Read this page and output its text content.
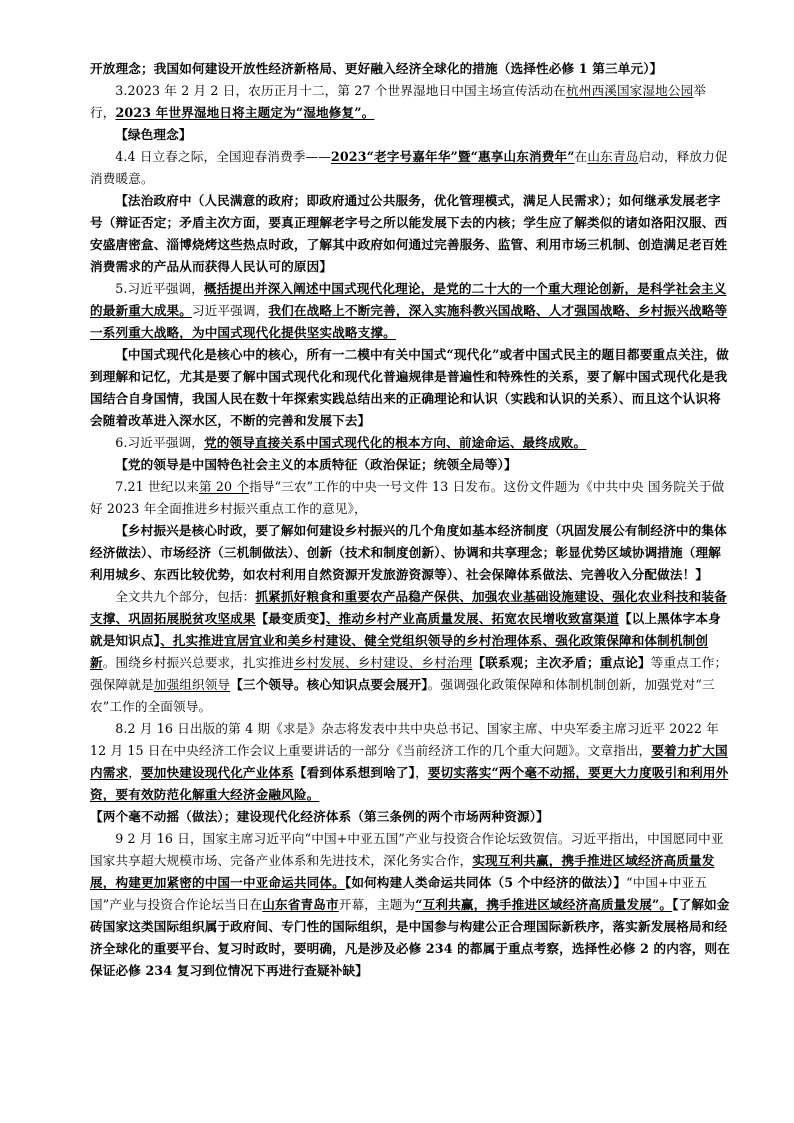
开放理念；我国如何建设开放性经济新格局、更好融入经济全球化的措施（选择性必修 1 第三单元）】

3.2023 年 2 月 2 日，农历正月十二，第 27 个世界湿地日中国主场宣传活动在杭州西溪国家湿地公园举行，2023 年世界湿地日将主题定为“湿地修复”。

【绿色理念】

4.4 日立春之际，全国迎春消费季——2023“老字号嘉年华”暨“惠享山东消费年”在山东青岛启动，释放力促消费暖意。

【法治政府中（人民满意的政府；即政府通过公共服务，优化管理模式，满足人民需求）；如何继承发展老字号（辩证否定；矛盾主次方面，要真正理解老字号之所以能发展下去的内核；学生应了解类似的诸如洛阳汉服、西安盛唐密盒、淄博烧烤这些热点时政，了解其中政府如何通过完善服务、监管、利用市场三机制、创造满足老百姓消费需求的产品从而获得人民认可的原因】

5.习近平强调，概括提出并深入阐述中国式现代化理论，是党的二十大的一个重大理论创新，是科学社会主义的最新重大成果。习近平强调，我们在战略上不断完善，深入实施科教兴国战略、人才强国战略、乡村振兴战略等一系列重大战略，为中国式现代化提供坚实战略支撑。

【中国式现代化是核心中的核心，所有一二模中有关中国式“现代化”或者中国式民主的题目都要重点关注，做到理解和记忆，尤其是要了解中国式现代化和现代化普遍规律是普遍性和特殊性的关系，要了解中国式现代化是我国结合自身国情，我国人民在数十年探索实践总结出来的正确理论和认识（实践和认识的关系）、而且这个认识将会随着改革进入深水区，不断的完善和发展下去】

6.习近平强调，党的领导直接关系中国式现代化的根本方向、前途命运、最终成败。

【党的领导是中国特色社会主义的本质特征（政治保证；统领全局等）】

7.21 世纪以来第 20 个指导“三农”工作的中央一号文件 13 日发布。这份文件题为《中共中央 国务院关于做好 2023 年全面推进乡村振兴重点工作的意见》，

【乡村振兴是核心时政，要了解如何建设乡村振兴的几个角度如基本经济制度（巩固发展公有制经济中的集体经济做法）、市场经济（三机制做法）、创新（技术和制度创新）、协调和共享理念；彰显优势区域协调措施（理解利用城乡、东西比较优势，如农村利用自然资源开发旅游资源等）、社会保障体系做法、完善收入分配做法！】

全文共九个部分，包括：抓紧抓好粮食和重要农产品稳产保供、加强农业基础设施建设、强化农业科技和装备支撑、巩固拓展脱贫攻坚成果【最变质变】、推动乡村产业高质量发展、拓宽农民增收致富渠道【以上黑体字本身就是知识点】、扎实推进宜居宜业和美乡村建设、健全党组织领导的乡村治理体系、强化政策保障和体制机制创新。围绕乡村振兴总要求，扎实推进乡村发展、乡村建设、乡村治理【联系观；主次矛盾；重点论】等重点工作；强保障就是加强组织领导【三个领导。核心知识点要会展开】。强调强化政策保障和体制机制创新，加强党对“三农”工作的全面领导。

8.2 月 16 日出版的第 4 期《求是》杂志将发表中共中央总书记、国家主席、中央军委主席习近平 2022 年 12 月 15 日在中央经济工作会议上重要讲话的一部分《当前经济工作的几个重大问题》。文章指出，要着力扩大国内需求，要加快建设现代化产业体系【看到体系想到啥了】，要切实落实“两个毫不动摇，要更大力度吸引和利用外资，要有效防范化解重大经济金融风险。

【两个毫不动摇（做法）；建设现代化经济体系（第三条例的两个市场两种资源）】

9 2 月 16 日，国家主席习近平向“中国+中亚五国”产业与投资合作论坛致贺信。习近平指出，中国愿同中亚国家共享超大规模市场、完备产业体系和先进技术，深化务实合作，实现互利共赢，携手推进区域经济高质量发展，构建更加紧密的中国一中亚命运共同体。【如何构建人类命运共同体（5 个中经济的做法）】“中国+中亚五国”产业与投资合作论坛当日在山东省青岛市开幕，主题为“互利共赢，携手推进区域经济高质量发展”。【了解如金砖国家这类国际组织属于政府间、专门性的国际组织，是中国参与构建公正合理国际新秩序，落实新发展格局和经济全球化的重要平台、复习时政时，要明确，凡是涉及必修 234 的都属于重点考察，选择性必修 2 的内容，则在保证必修 234 复习到位情况下再进行查疑补缺】
